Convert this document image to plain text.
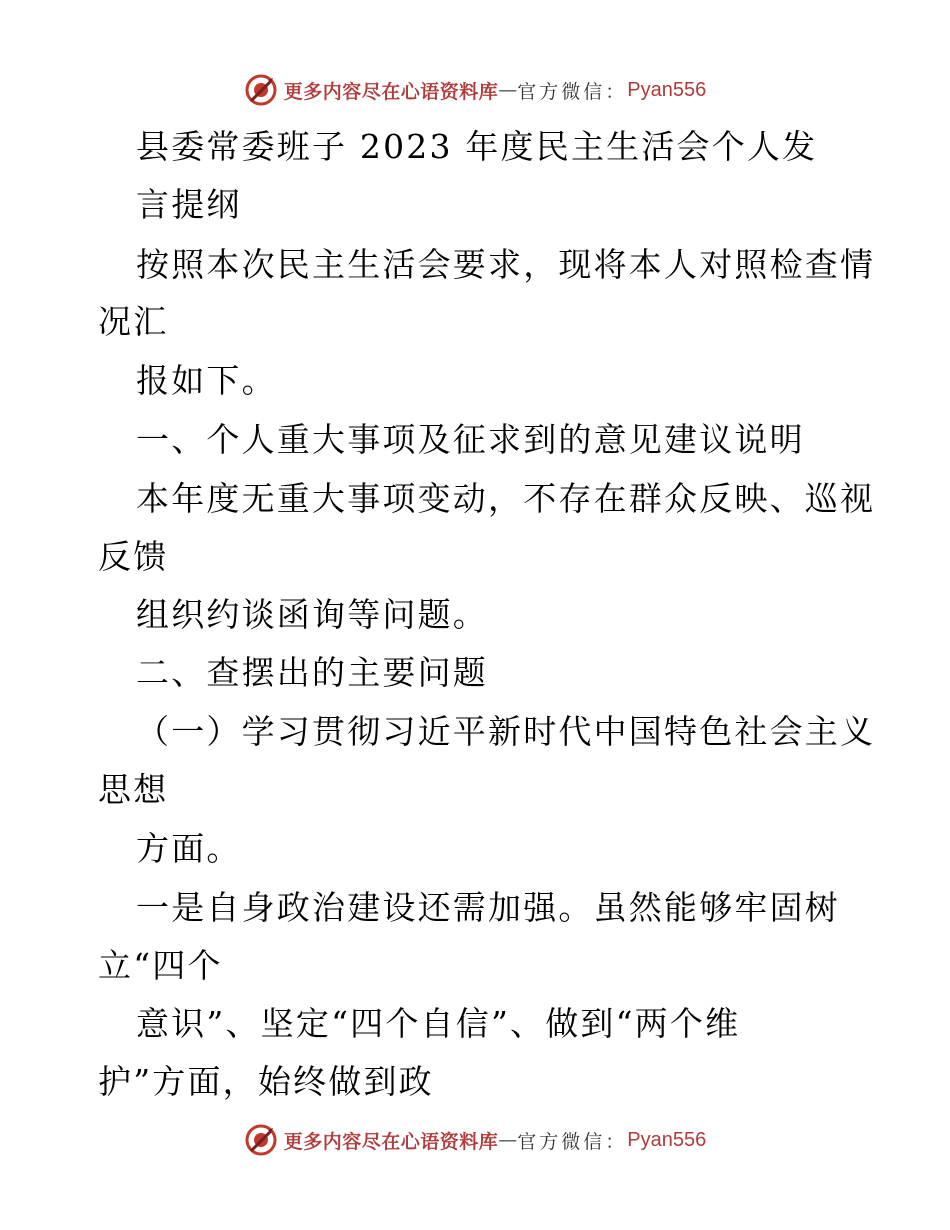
更多内容尽在心语资料库 — 官方微信： Pyan556
县委常委班子 2023 年度民主生活会个人发
言提纲
按照本次民主生活会要求，现将本人对照检查情
况汇
报如下。
一、个人重大事项及征求到的意见建议说明
本年度无重大事项变动，不存在群众反映、巡视
反馈
组织约谈函询等问题。
二、查摆出的主要问题
（一）学习贯彻习近平新时代中国特色社会主义
思想
方面。
一是自身政治建设还需加强。虽然能够牢固树
立“四个
意识”、坚定“四个自信”、做到“两个维
护”方面，始终做到政
更多内容尽在心语资料库 — 官方微信： Pyan556
